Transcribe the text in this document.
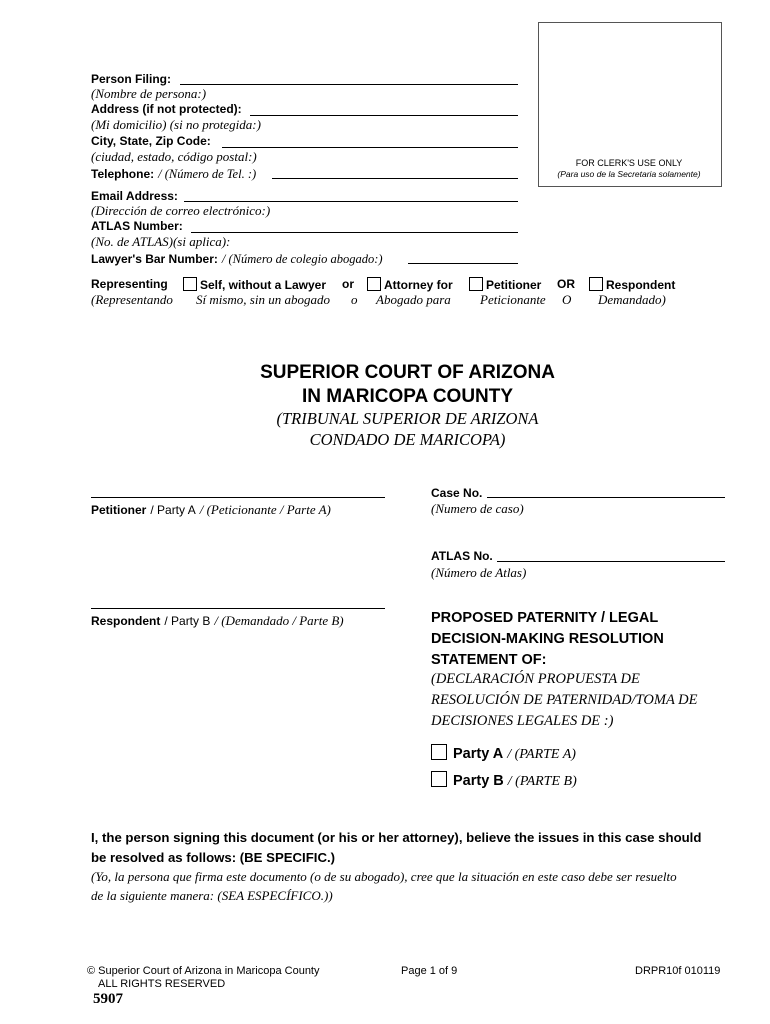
FOR CLERK'S USE ONLY
(Para uso de la Secretaria solamente)
Person Filing:
(Nombre de persona:)
Address (if not protected):
(Mi domicilio) (si no protegida:)
City, State, Zip Code:
(ciudad, estado, código postal:)
Telephone: / (Número de Tel. :)
Email Address:
(Dirección de correo electrónico:)
ATLAS Number:
(No. de ATLAS)(si aplica):
Lawyer's Bar Number: / (Número de colegio abogado:)
Representing
(Representando
Self, without a Lawyer
Sí mismo, sin un abogado
or
o
Attorney for
Abogado para
Petitioner
Peticionante
OR
O
Respondent
Demandado)
SUPERIOR COURT OF ARIZONA
IN MARICOPA COUNTY
(TRIBUNAL SUPERIOR DE ARIZONA
CONDADO DE MARICOPA)
Petitioner / Party A / (Peticionante / Parte A)
Respondent / Party B / (Demandado / Parte B)
Case No.
(Numero de caso)
ATLAS No.
(Número de Atlas)
PROPOSED PATERNITY / LEGAL
DECISION-MAKING RESOLUTION
STATEMENT OF:
(DECLARACIÓN PROPUESTA DE
RESOLUCIÓN DE PATERNIDAD/TOMA DE
DECISIONES LEGALES DE :)
Party A / (PARTE A)
Party B / (PARTE B)
I, the person signing this document (or his or her attorney), believe the issues in this case should
be resolved as follows: (BE SPECIFIC.)
(Yo, la persona que firma este documento (o de su abogado), cree que la situación en este caso debe ser resuelto
de la siguiente manera: (SEA ESPECÍFICO.))
© Superior Court of Arizona in Maricopa County
ALL RIGHTS RESERVED
Page 1 of 9	DRPR10f 010119
5907
